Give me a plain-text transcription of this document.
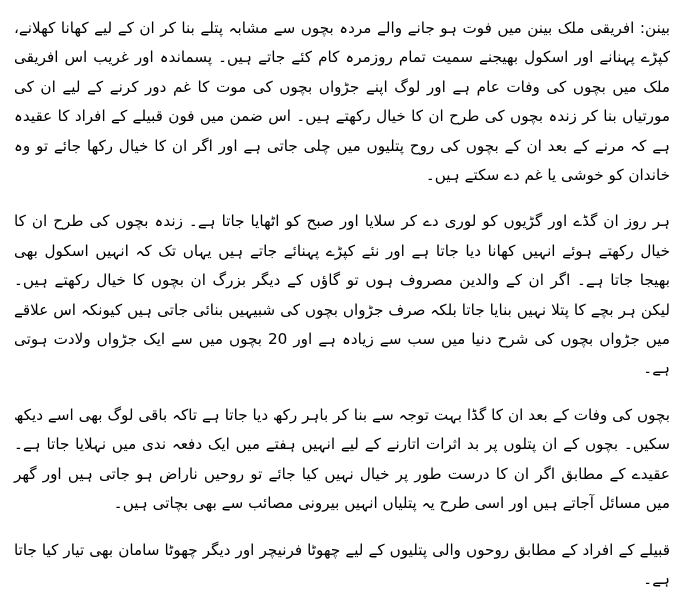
بینن: افریقی ملک بینن میں فوت ہو جانے والے مردہ بچوں سے مشابہ پتلے بنا کر ان کے لیے کھانا کھلانے، کپڑے پہنانے اور اسکول بھیجنے سمیت تمام روزمرہ کام کئے جاتے ہیں۔ پسماندہ اور غریب اس افریقی ملک میں بچوں کی وفات عام ہے اور لوگ اپنے جڑواں بچوں کی موت کا غم دور کرنے کے لیے ان کی مورتیاں بنا کر زندہ بچوں کی طرح ان کا خیال رکھتے ہیں۔ اس ضمن میں فون قبیلے کے افراد کا عقیدہ ہے کہ مرنے کے بعد ان کے بچوں کی روح پتلیوں میں چلی جاتی ہے اور اگر ان کا خیال رکھا جائے تو وہ خاندان کو خوشی یا غم دے سکتے ہیں۔

ہر روز ان گڈے اور گڑیوں کو لوری دے کر سلایا اور صبح کو اٹھایا جاتا ہے۔ زندہ بچوں کی طرح ان کا خیال رکھتے ہوئے انہیں کھانا دیا جاتا ہے اور نئے کپڑے پہنائے جاتے ہیں یہاں تک کہ انہیں اسکول بھی بھیجا جاتا ہے۔ اگر ان کے والدین مصروف ہوں تو گاؤں کے دیگر بزرگ ان بچوں کا خیال رکھتے ہیں۔ لیکن ہر بچے کا پتلا نہیں بنایا جاتا بلکہ صرف جڑواں بچوں کی شبیہیں بنائی جاتی ہیں کیونکہ اس علاقے میں جڑواں بچوں کی شرح دنیا میں سب سے زیادہ ہے اور 20 بچوں میں سے ایک جڑواں ولادت ہوتی ہے۔

بچوں کی وفات کے بعد ان کا گڈا بہت توجہ سے بنا کر باہر رکھ دیا جاتا ہے تاکہ باقی لوگ بھی اسے دیکھ سکیں۔ بچوں کے ان پتلوں پر بد اثرات اتارنے کے لیے انہیں ہفتے میں ایک دفعہ ندی میں نہلایا جاتا ہے۔ عقیدے کے مطابق اگر ان کا درست طور پر خیال نہیں کیا جائے تو روحیں ناراض ہو جاتی ہیں اور گھر میں مسائل آجاتے ہیں اور اسی طرح یہ پتلیاں انہیں بیرونی مصائب سے بھی بچاتی ہیں۔

قبیلے کے افراد کے مطابق روحوں والی پتلیوں کے لیے چھوٹا فرنیچر اور دیگر چھوٹا سامان بھی تیار کیا جاتا ہے۔
